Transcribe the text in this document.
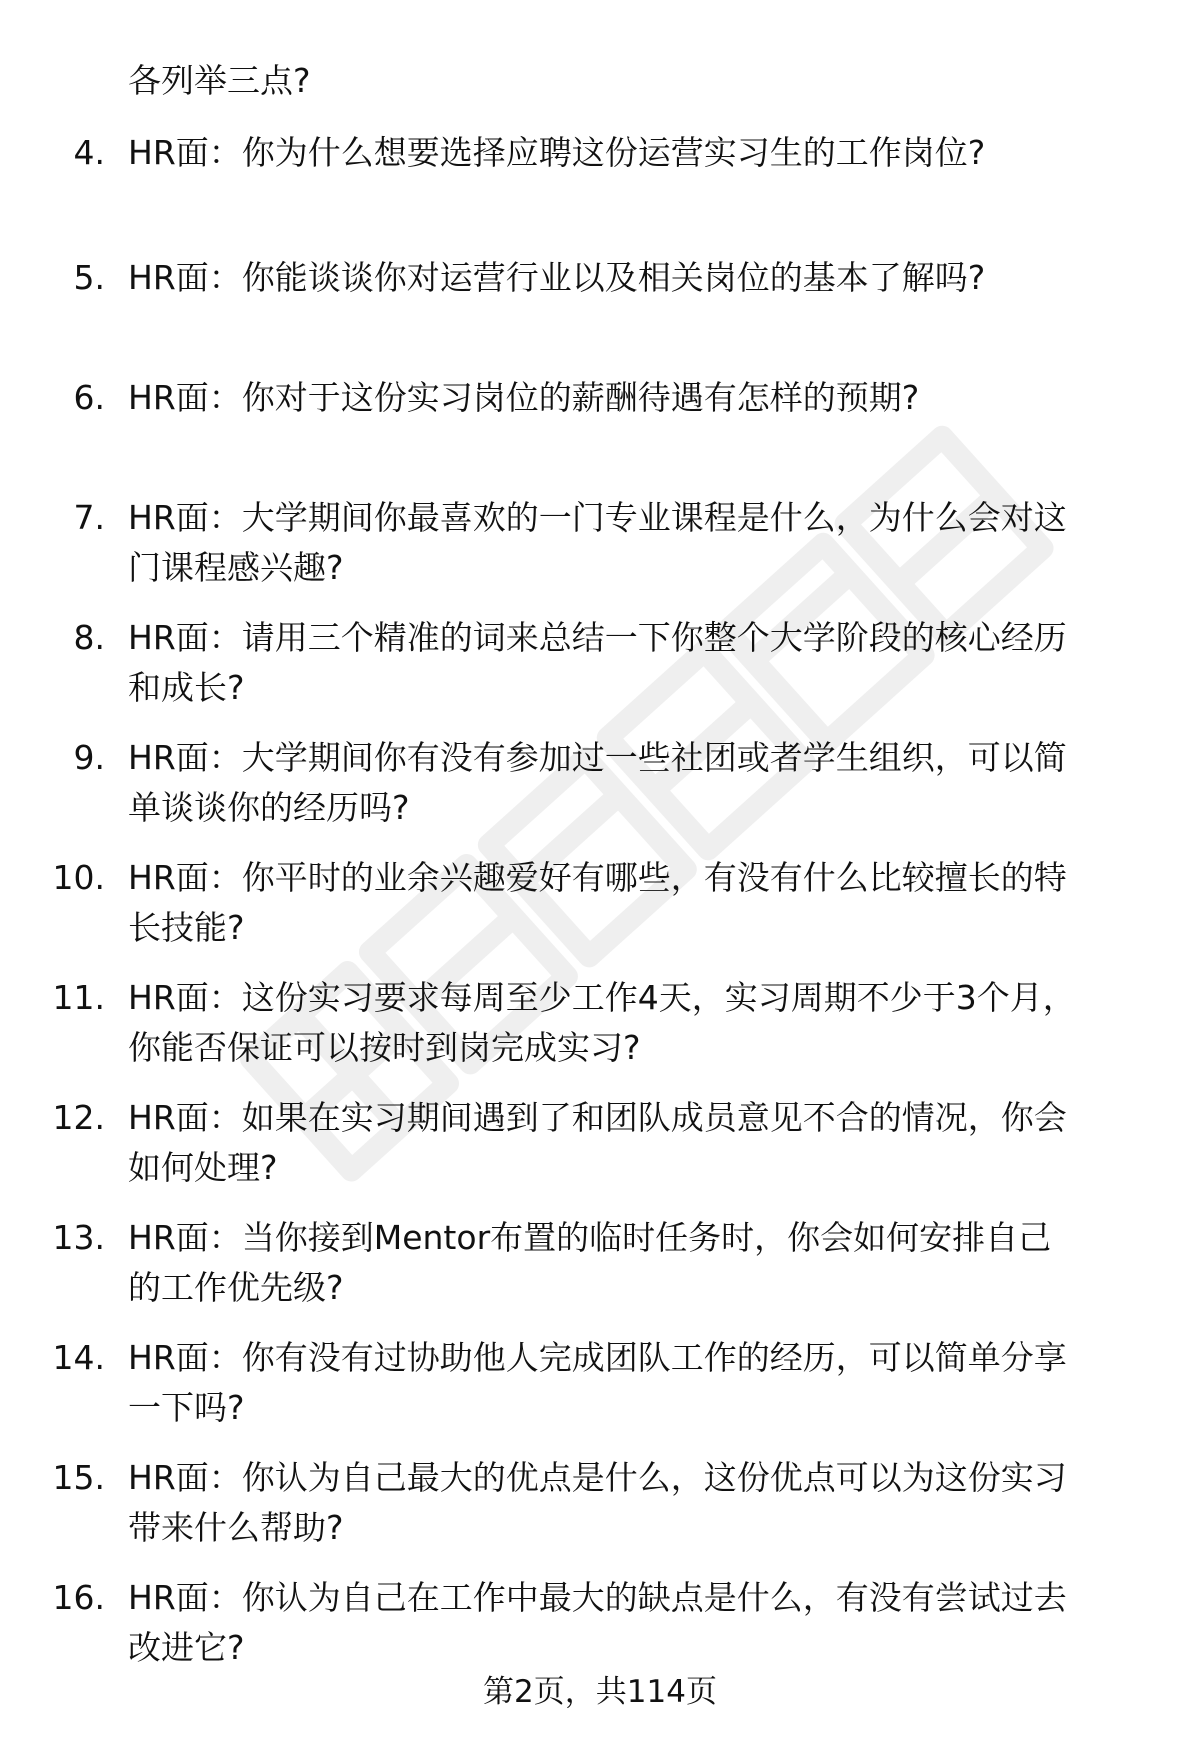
各列举三点?
4. HR面：你为什么想要选择应聘这份运营实习生的工作岗位?
5. HR面：你能谈谈你对运营行业以及相关岗位的基本了解吗?
6. HR面：你对于这份实习岗位的薪酬待遇有怎样的预期?
7. HR面：大学期间你最喜欢的一门专业课程是什么，为什么会对这
门课程感兴趣?
8. HR面：请用三个精准的词来总结一下你整个大学阶段的核心经历
和成长?
9. HR面：大学期间你有没有参加过一些社团或者学生组织，可以简
单谈谈你的经历吗?
10. HR面：你平时的业余兴趣爱好有哪些，有没有什么比较擅长的特
长技能?
11. HR面：这份实习要求每周至少工作4天，实习周期不少于3个月，
你能否保证可以按时到岗完成实习?
12. HR面：如果在实习期间遇到了和团队成员意见不合的情况，你会
如何处理?
13. HR面：当你接到Mentor布置的临时任务时，你会如何安排自己
的工作优先级?
14. HR面：你有没有过协助他人完成团队工作的经历，可以简单分享
一下吗?
15. HR面：你认为自己最大的优点是什么，这份优点可以为这份实习
带来什么帮助?
16. HR面：你认为自己在工作中最大的缺点是什么，有没有尝试过去
改进它?
第2页，共114页
